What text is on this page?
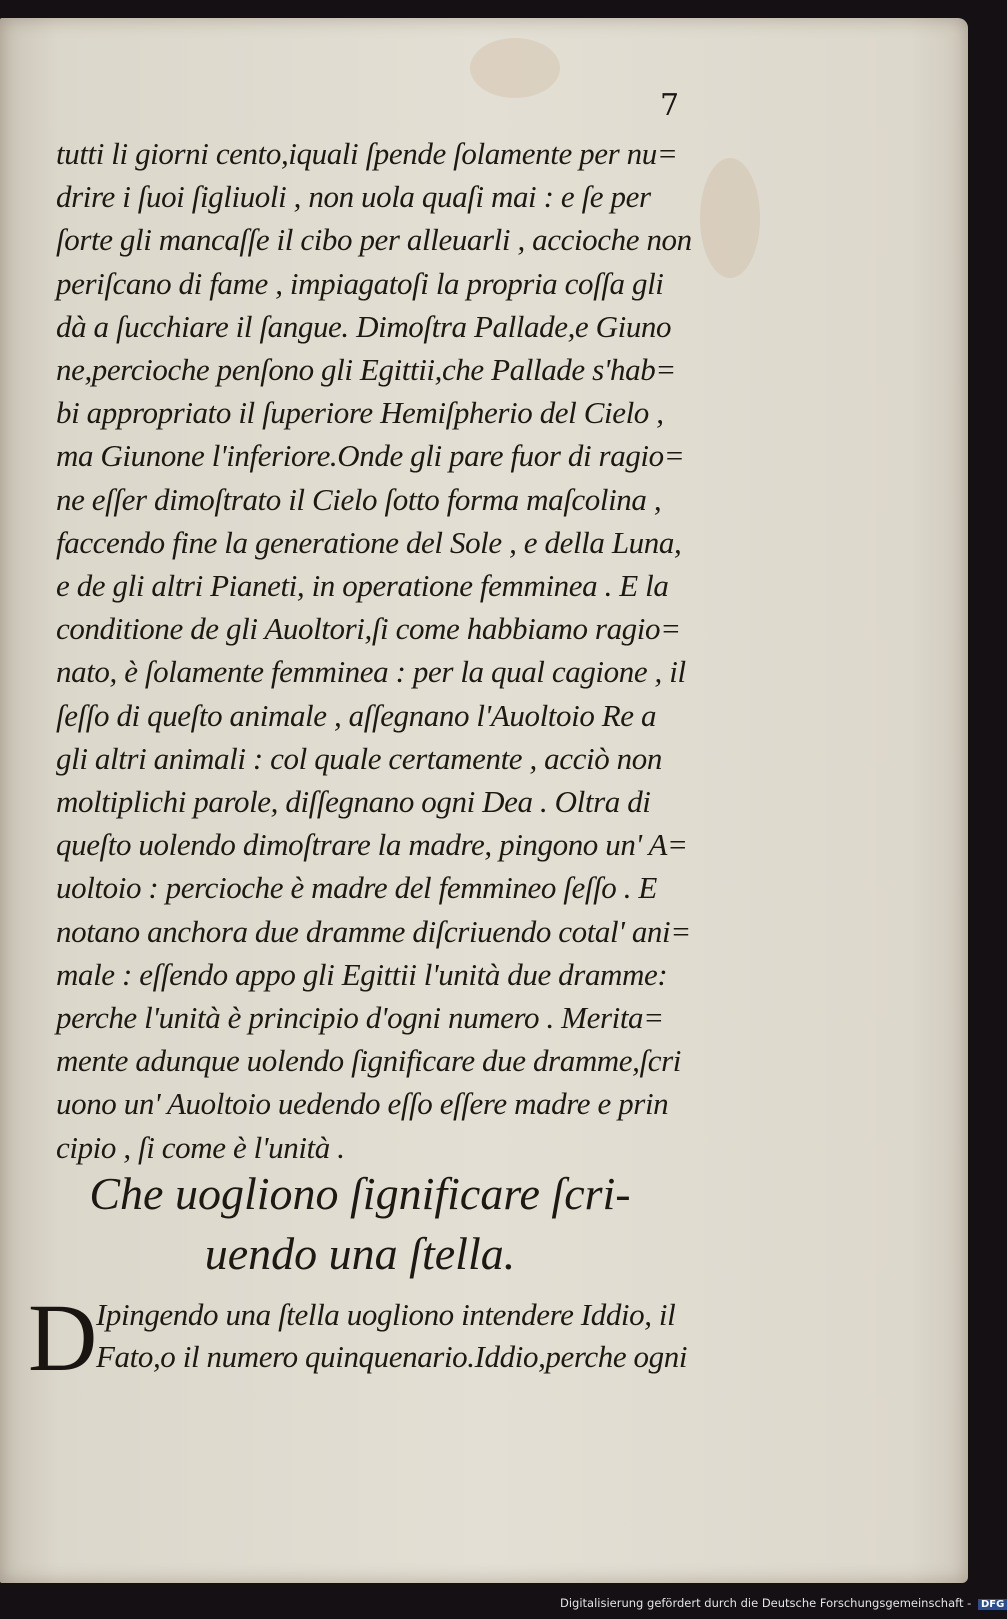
7
tutti li giorni cento,iquali ſpende ſolamente per nu=
drire i ſuoi ſigliuoli , non uola quaſi mai : e ſe per
ſorte gli mancaſſe il cibo per alleuarli , accioche non
periſcano di fame , impiagatoſi la propria coſſa gli
dà a ſucchiare il ſangue. Dimoſtra Pallade,e Giuno
ne,percioche penſono gli Egittii,che Pallade s'hab=
bi appropriato il ſuperiore Hemiſpherio del Cielo ,
ma Giunone l'inferiore.Onde gli pare fuor di ragio=
ne eſſer dimoſtrato il Cielo ſotto forma maſcolina ,
faccendo fine la generatione del Sole , e della Luna,
e de gli altri Pianeti, in operatione femminea . E la
conditione de gli Auoltori,ſi come habbiamo ragio=
nato, è ſolamente femminea : per la qual cagione , il
ſeſſo di queſto animale , aſſegnano l'Auoltoio Re a
gli altri animali : col quale certamente , acciò non
moltiplichi parole, diſſegnano ogni Dea . Oltra di
queſto uolendo dimoſtrare la madre, pingono un' A=
uoltoio : percioche è madre del femmineo ſeſſo . E
notano anchora due dramme diſcriuendo cotal' ani=
male : eſſendo appo gli Egittii l'unità due dramme:
perche l'unità è principio d'ogni numero . Merita=
mente adunque uolendo ſignificare due dramme,ſcri
uono un' Auoltoio uedendo eſſo eſſere madre e prin
cipio , ſi come è l'unità .
Che uogliono ſignificare ſcri-
uendo una ſtella.
D
Ipingendo una ſtella uogliono intendere Iddio, il
Fato,o il numero quinquenario.Iddio,perche ogni
Digitalisierung gefördert durch die Deutsche Forschungsgemeinschaft - DFG
